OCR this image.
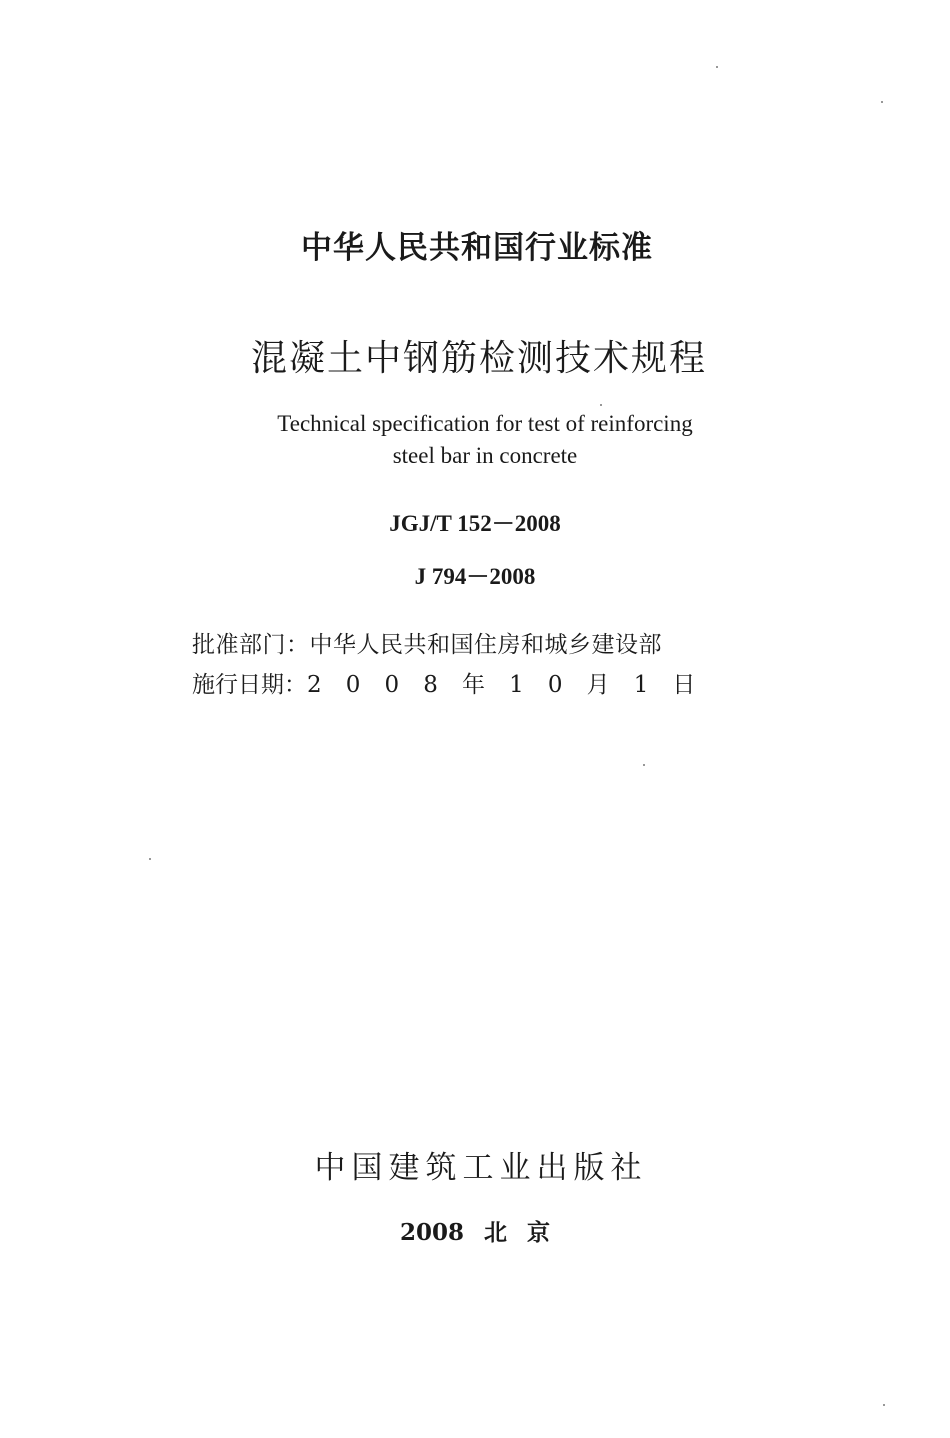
中华人民共和国行业标准
混凝土中钢筋检测技术规程
Technical specification for test of reinforcing
steel bar in concrete
JGJ/T 152－2008
J 794－2008
批准部门：中华人民共和国住房和城乡建设部
施行日期：2 0 0 8 年 1 0 月 1 日
中国建筑工业出版社
2008 北 京
